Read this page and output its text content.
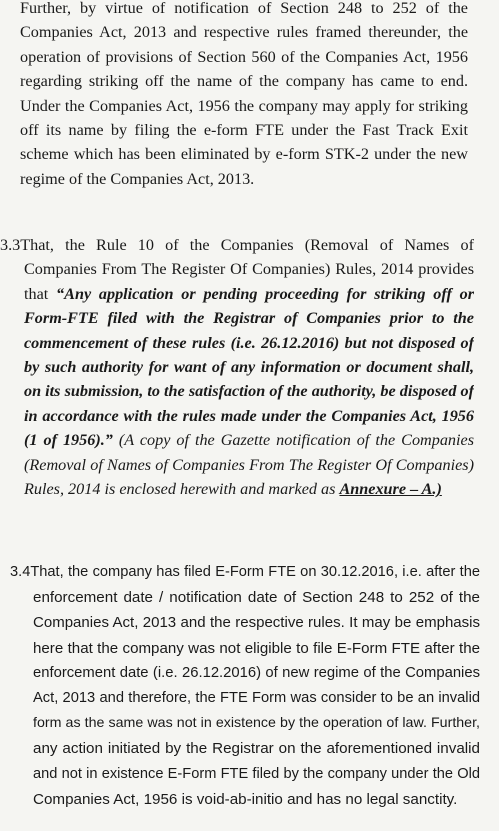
Further, by virtue of notification of Section 248 to 252 of the
Companies Act, 2013 and respective rules framed thereunder, the
operation of provisions of Section 560 of the Companies Act, 1956
regarding striking off the name of the company has came to end.
Under the Companies Act, 1956 the company may apply for striking
off its name by filing the e-form FTE under the Fast Track Exit
scheme which has been eliminated by e-form STK-2 under the new
regime of the Companies Act, 2013.
3.3That, the Rule 10 of the Companies (Removal of Names of
Companies From The Register Of Companies) Rules, 2014 provides
that “Any application or pending proceeding for striking off or
Form-FTE filed with the Registrar of Companies prior to the
commencement of these rules (i.e. 26.12.2016) but not disposed of
by such authority for want of any information or document shall,
on its submission, to the satisfaction of the authority, be disposed of
in accordance with the rules made under the Companies Act, 1956
(1 of 1956).” (A copy of the Gazette notification of the Companies
(Removal of Names of Companies From The Register Of Companies)
Rules, 2014 is enclosed herewith and marked as Annexure – A.)
3.4That, the company has filed E-Form FTE on 30.12.2016, i.e. after the
enforcement date / notification date of Section 248 to 252 of the
Companies Act, 2013 and the respective rules. It may be emphasis
here that the company was not eligible to file E-Form FTE after the
enforcement date (i.e. 26.12.2016) of new regime of the Companies
Act, 2013 and therefore, the FTE Form was consider to be an invalid
form as the same was not in existence by the operation of law. Further,
any action initiated by the Registrar on the aforementioned invalid
and not in existence E-Form FTE filed by the company under the Old
Companies Act, 1956 is void-ab-initio and has no legal sanctity.
